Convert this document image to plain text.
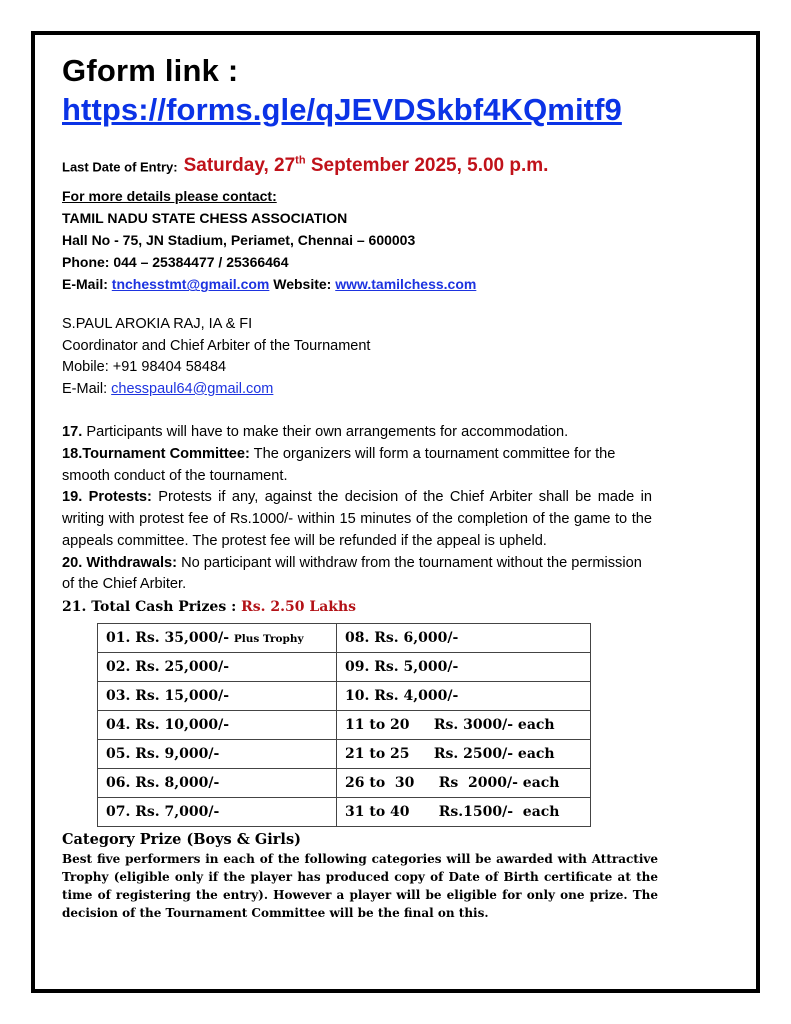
Gform link :

https://forms.gle/qJEVDSkbf4KQmitf9
Last Date of Entry: Saturday, 27th September 2025, 5.00 p.m.
For more details please contact:
TAMIL NADU STATE CHESS ASSOCIATION
Hall No - 75, JN Stadium, Periamet, Chennai – 600003
Phone: 044 – 25384477 / 25366464
E-Mail: tnchesstmt@gmail.com Website: www.tamilchess.com
S.PAUL AROKIA RAJ, IA & FI
Coordinator and Chief Arbiter of the Tournament
Mobile: +91 98404 58484
E-Mail: chesspaul64@gmail.com

17. Participants will have to make their own arrangements for accommodation.

18.Tournament Committee: The organizers will form a tournament committee for the smooth conduct of the tournament.

19. Protests: Protests if any, against the decision of the Chief Arbiter shall be made in writing with protest fee of Rs.1000/- within 15 minutes of the completion of the game to the appeals committee. The protest fee will be refunded if the appeal is upheld.

20. Withdrawals: No participant will withdraw from the tournament without the permission of the Chief Arbiter.

21. Total Cash Prizes : Rs. 2.50 Lakhs
01. Rs. 35,000/- Plus Trophy	08. Rs. 6,000/-
02. Rs. 25,000/-	09. Rs. 5,000/-
03. Rs. 15,000/-	10. Rs. 4,000/-
04. Rs. 10,000/-	11 to 20     Rs. 3000/- each
05. Rs. 9,000/-	21 to 25     Rs. 2500/- each
06. Rs. 8,000/-	26 to  30     Rs  2000/- each
07. Rs. 7,000/-	31 to 40      Rs.1500/-  each
Category Prize (Boys & Girls)
Best five performers in each of the following categories will be awarded with Attractive Trophy (eligible only if the player has produced copy of Date of Birth certificate at the time of registering the entry). However a player will be eligible for only one prize. The decision of the Tournament Committee will be the final on this.
